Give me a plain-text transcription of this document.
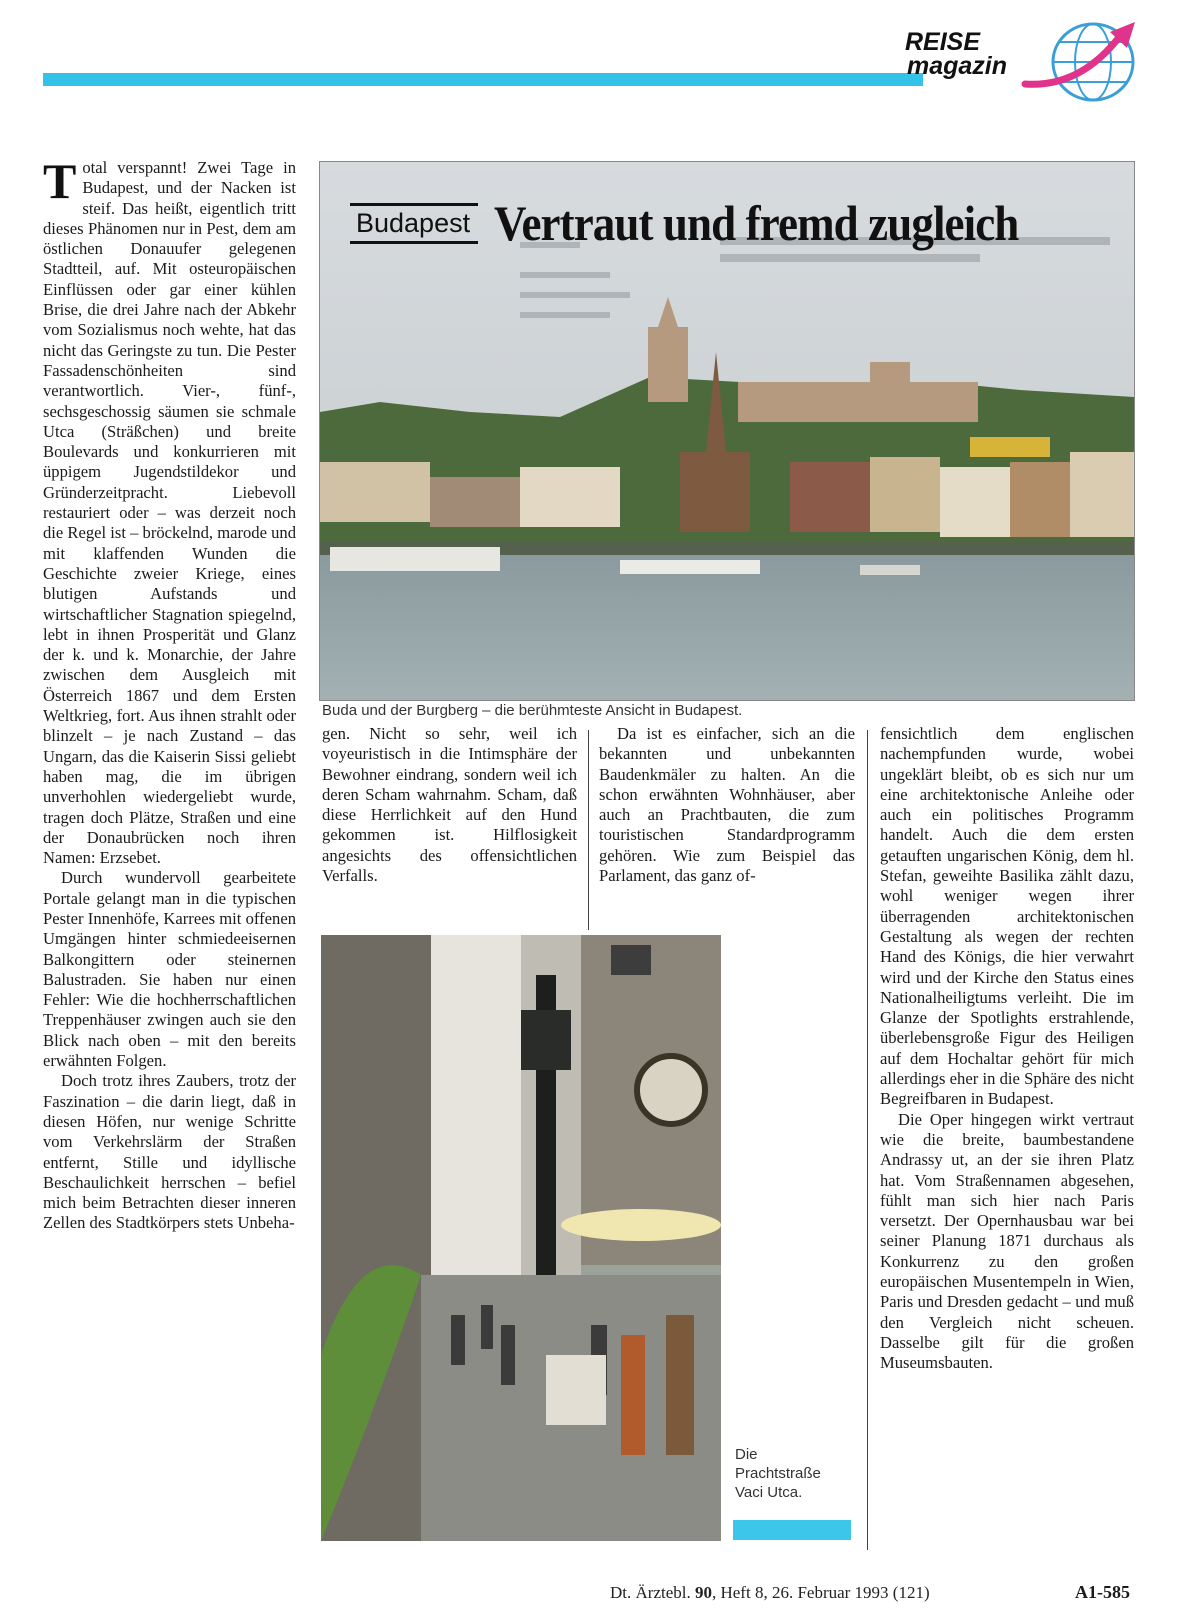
REISE
magazin

Total verspannt! Zwei Tage in Budapest, und der Nacken ist steif. Das heißt, eigentlich tritt dieses Phänomen nur in Pest, dem am östlichen Donauufer gelegenen Stadtteil, auf. Mit osteuropäischen Einflüssen oder gar einer kühlen Brise, die drei Jahre nach der Abkehr vom Sozialismus noch wehte, hat das nicht das Geringste zu tun. Die Pester Fassadenschönheiten sind verantwortlich. Vier-, fünf-, sechsgeschossig säumen sie schmale Utca (Sträßchen) und breite Boulevards und konkurrieren mit üppigem Jugendstildekor und Gründerzeitpracht. Liebevoll restauriert oder – was derzeit noch die Regel ist – bröckelnd, marode und mit klaffenden Wunden die Geschichte zweier Kriege, eines blutigen Aufstands und wirtschaftlicher Stagnation spiegelnd, lebt in ihnen Prosperität und Glanz der k. und k. Monarchie, der Jahre zwischen dem Ausgleich mit Österreich 1867 und dem Ersten Weltkrieg, fort. Aus ihnen strahlt oder blinzelt – je nach Zustand – das Ungarn, das die Kaiserin Sissi geliebt haben mag, die im übrigen unverhohlen wiedergeliebt wurde, tragen doch Plätze, Straßen und eine der Donaubrücken noch ihren Namen: Erzsebet.

Durch wundervoll gearbeitete Portale gelangt man in die typischen Pester Innenhöfe, Karrees mit offenen Umgängen hinter schmiedeeisernen Balkongittern oder steinernen Balustraden. Sie haben nur einen Fehler: Wie die hochherrschaftlichen Treppenhäuser zwingen auch sie den Blick nach oben – mit den bereits erwähnten Folgen.

Doch trotz ihres Zaubers, trotz der Faszination – die darin liegt, daß in diesen Höfen, nur wenige Schritte vom Verkehrslärm der Straßen entfernt, Stille und idyllische Beschaulichkeit herrschen – befiel mich beim Betrachten dieser inneren Zellen des Stadtkörpers stets Unbeha-

Budapest Vertraut und fremd zugleich
Buda und der Burgberg – die berühmteste Ansicht in Budapest.

gen. Nicht so sehr, weil ich voyeuristisch in die Intimsphäre der Bewohner eindrang, sondern weil ich deren Scham wahrnahm. Scham, daß diese Herrlichkeit auf den Hund gekommen ist. Hilflosigkeit angesichts des offensichtlichen Verfalls.

Da ist es einfacher, sich an die bekannten und unbekannten Baudenkmäler zu halten. An die schon erwähnten Wohnhäuser, aber auch an Prachtbauten, die zum touristischen Standardprogramm gehören. Wie zum Beispiel das Parlament, das ganz of-

fensichtlich dem englischen nachempfunden wurde, wobei ungeklärt bleibt, ob es sich nur um eine architektonische Anleihe oder auch ein politisches Programm handelt. Auch die dem ersten getauften ungarischen König, dem hl. Stefan, geweihte Basilika zählt dazu, wohl weniger wegen ihrer überragenden architektonischen Gestaltung als wegen der rechten Hand des Königs, die hier verwahrt wird und der Kirche den Status eines Nationalheiligtums verleiht. Die im Glanze der Spotlights erstrahlende, überlebensgroße Figur des Heiligen auf dem Hochaltar gehört für mich allerdings eher in die Sphäre des nicht Begreifbaren in Budapest.

Die Oper hingegen wirkt vertraut wie die breite, baumbestandene Andrassy ut, an der sie ihren Platz hat. Vom Straßennamen abgesehen, fühlt man sich hier nach Paris versetzt. Der Opernhausbau war bei seiner Planung 1871 durchaus als Konkurrenz zu den großen europäischen Musentempeln in Wien, Paris und Dresden gedacht – und muß den Vergleich nicht scheuen. Dasselbe gilt für die großen Museumsbauten.

Die Prachtstraße Vaci Utca.
Dt. Ärztebl. 90, Heft 8, 26. Februar 1993 (121)	A1-585
